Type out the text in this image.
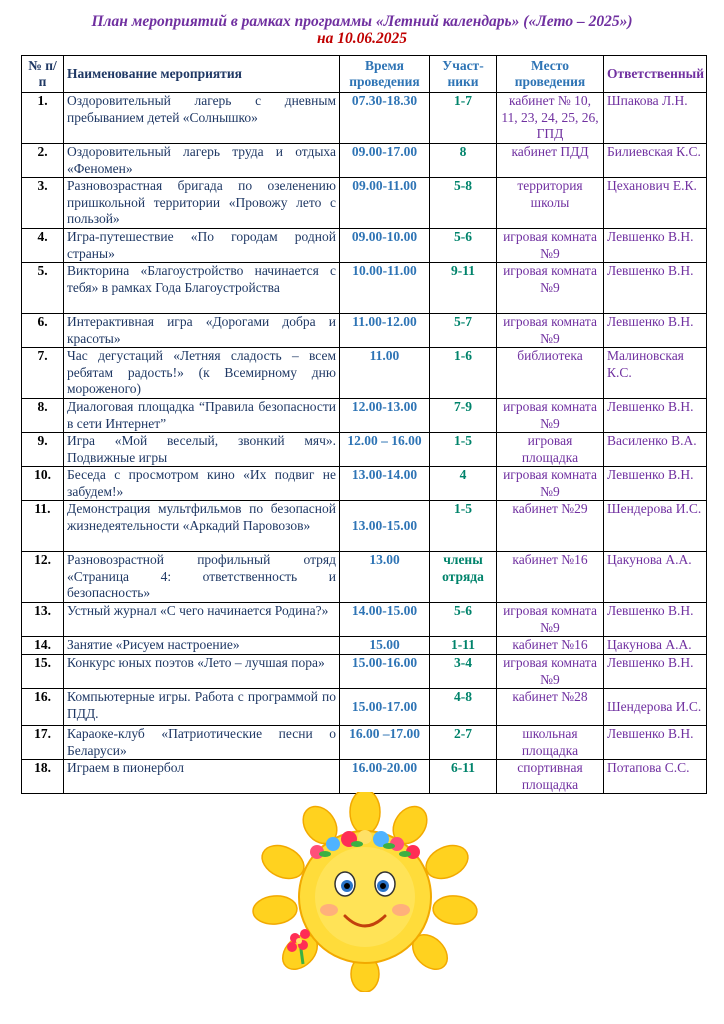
План мероприятий в рамках программы «Летний календарь» («Лето – 2025»)
на 10.06.2025
№ п/п	Наименование мероприятия	Время проведения	Участ-ники	Место проведения	Ответственный
1.	Оздоровительный лагерь с дневным пребыванием детей «Солнышко»	07.30-18.30	1-7	кабинет № 10, 11, 23, 24, 25, 26, ГПД	Шпакова Л.Н.
2.	Оздоровительный лагерь труда и отдыха «Феномен»	09.00-17.00	8	кабинет ПДД	Билиевская К.С.
3.	Разновозрастная бригада по озеленению пришкольной территории «Провожу лето с пользой»	09.00-11.00	5-8	территория школы	Цеханович Е.К.
4.	Игра-путешествие «По городам родной страны»	09.00-10.00	5-6	игровая комната №9	Левшенко В.Н.
5.	Викторина «Благоустройство начинается с тебя» в рамках Года Благоустройства	10.00-11.00	9-11	игровая комната №9	Левшенко В.Н.
6.	Интерактивная игра «Дорогами добра и красоты»	11.00-12.00	5-7	игровая комната №9	Левшенко В.Н.
7.	Час дегустаций «Летняя сладость – всем ребятам радость!» (к Всемирному дню мороженого)	11.00	1-6	библиотека	Малиновская К.С.
8.	Диалоговая площадка “Правила безопасности в сети Интернет”	12.00-13.00	7-9	игровая комната №9	Левшенко В.Н.
9.	Игра «Мой веселый, звонкий мяч». Подвижные игры	12.00 – 16.00	1-5	игровая площадка	Василенко В.А.
10.	Беседа с просмотром кино «Их подвиг не забудем!»	13.00-14.00	4	игровая комната №9	Левшенко В.Н.
11.	Демонстрация мультфильмов по безопасной жизнедеятельности «Аркадий Паровозов»	13.00-15.00	1-5	кабинет №29	Шендерова И.С.
12.	Разновозрастной профильный отряд «Страница 4: ответственность и безопасность»	13.00	члены отряда	кабинет №16	Цакунова А.А.
13.	Устный журнал «С чего начинается Родина?»	14.00-15.00	5-6	игровая комната №9	Левшенко В.Н.
14.	Занятие «Рисуем настроение»	15.00	1-11	кабинет №16	Цакунова А.А.
15.	Конкурс юных поэтов «Лето – лучшая пора»	15.00-16.00	3-4	игровая комната №9	Левшенко В.Н.
16.	Компьютерные игры. Работа с программой по ПДД.	15.00-17.00	4-8	кабинет №28	Шендерова И.С.
17.	Караоке-клуб «Патриотические песни о Беларуси»	16.00 –17.00	2-7	школьная площадка	Левшенко В.Н.
18.	Играем в пионербол	16.00-20.00	6-11	спортивная площадка	Потапова С.С.
